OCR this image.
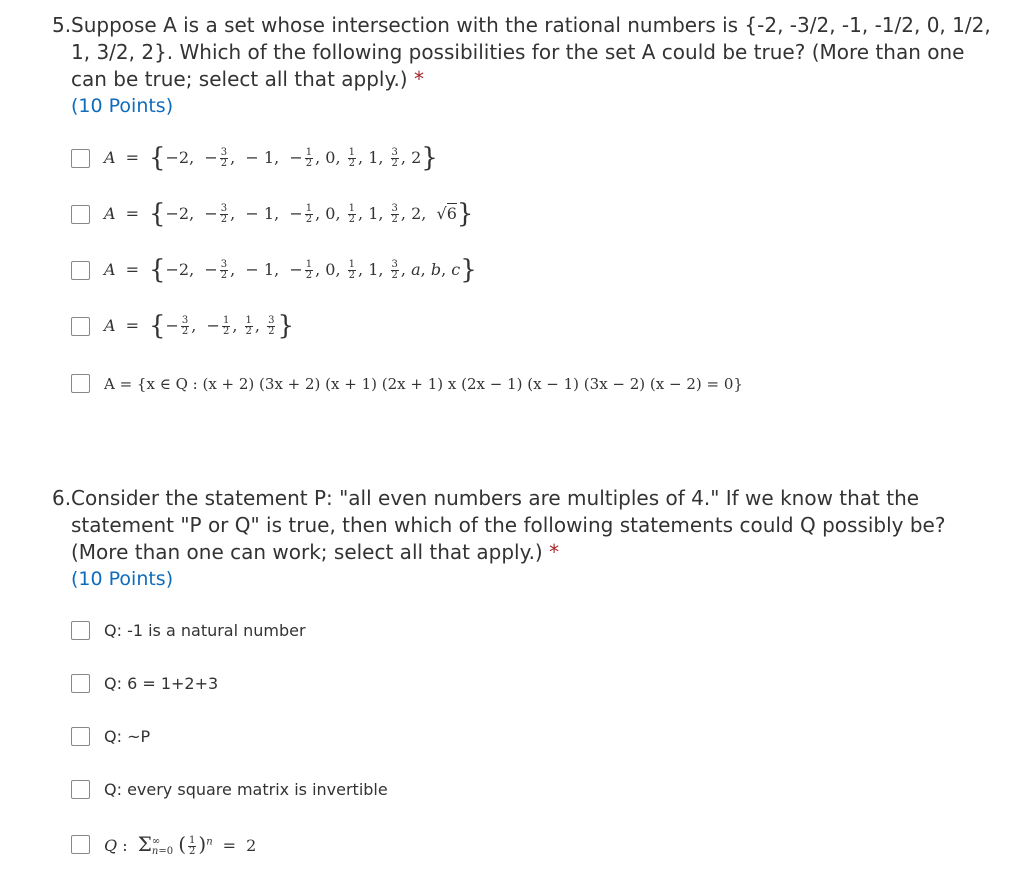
5. Suppose A is a set whose intersection with the rational numbers is {-2, -3/2, -1, -1/2, 0, 1/2, 1, 3/2, 2}. Which of the following possibilities for the set A could be true? (More than one can be true; select all that apply.) *
(10 Points)
A = {−2,  − $\frac{3}{2}$ ,  − 1,  − $\frac{1}{2}$ , 0, $\frac{1}{2}$ , 1, $\frac{3}{2}$ , 2}
A = {−2,  − $\frac{3}{2}$ ,  − 1,  − $\frac{1}{2}$ , 0, $\frac{1}{2}$ , 1, $\frac{3}{2}$ , 2,  √6}
A = {−2,  − $\frac{3}{2}$ ,  − 1,  − $\frac{1}{2}$ , 0, $\frac{1}{2}$ , 1, $\frac{3}{2}$ , a, b, c}
A = {− $\frac{3}{2}$ ,  − $\frac{1}{2}$ , $\frac{1}{2}$ , $\frac{3}{2}$ }
A = {x ∈ Q : (x + 2) (3x + 2) (x + 1) (2x + 1) x (2x − 1) (x − 1) (3x − 2) (x − 2) = 0}
6. Consider the statement P: "all even numbers are multiples of 4." If we know that the statement "P or Q" is true, then which of the following statements could Q possibly be? (More than one can work; select all that apply.) *
(10 Points)
Q: -1 is a natural number
Q: 6 = 1+2+3
Q: ~P
Q: every square matrix is invertible
Q :  Σ ∞
n=0 ( $\frac{1}{2} )^n = 2$
